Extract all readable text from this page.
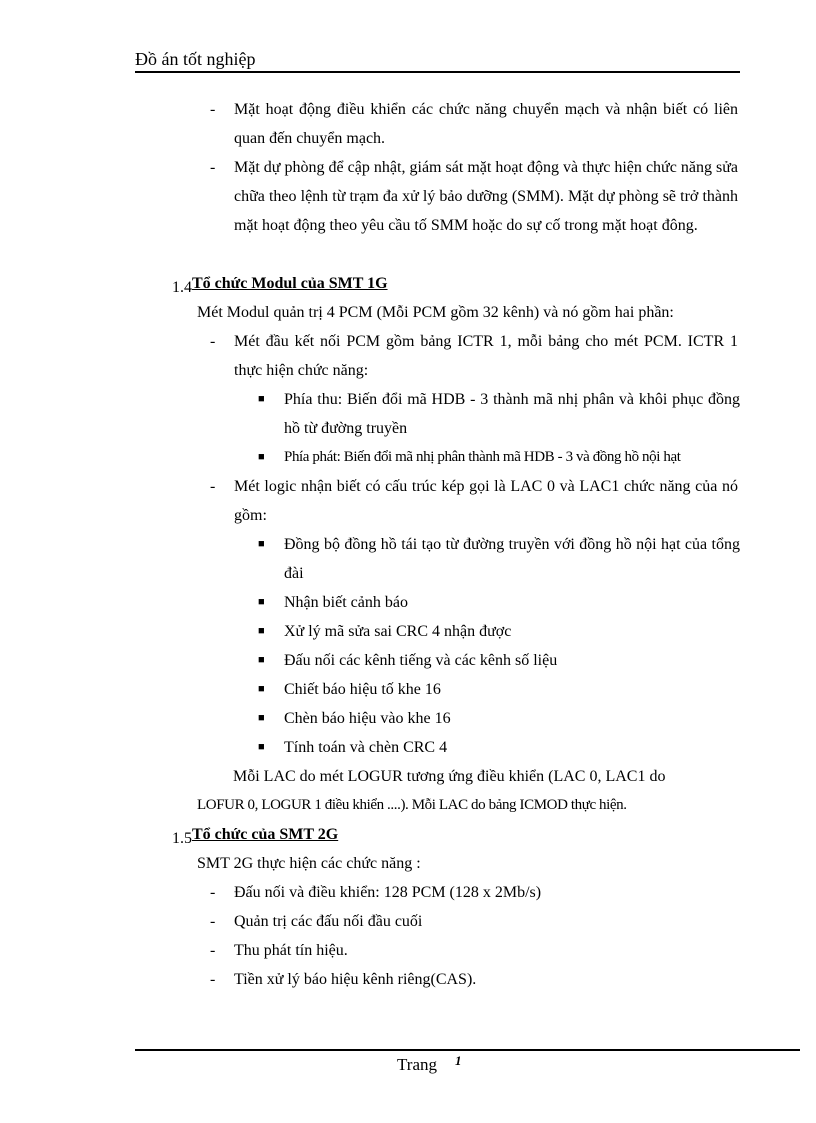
Đồ án tốt nghiệp
- Mặt hoạt động điều khiển các chức năng chuyển mạch và nhận biết có liên quan đến chuyển mạch.
- Mặt dự phòng để cập nhật, giám sát mặt hoạt động và thực hiện chức năng sửa chữa theo lệnh từ trạm đa xử lý bảo dưỡng (SMM). Mặt dự phòng sẽ trở thành mặt hoạt động theo yêu cầu tố SMM hoặc do sự cố trong mặt hoạt đông.
1.4Tổ chức Modul của SMT 1G
Mét Modul quản trị 4 PCM (Mỗi PCM gồm 32 kênh) và nó gồm hai phần:
- Mét đầu kết nối PCM gồm bảng ICTR 1, mỗi bảng cho mét PCM. ICTR 1 thực hiện chức năng:
■ Phía thu: Biến đổi mã HDB - 3 thành mã nhị phân và khôi phục đồng hồ từ đường truyền
■ Phía phát: Biến đổi mã nhị phân thành mã HDB - 3 và đồng hồ nội hạt
- Mét logic nhận biết có cấu trúc kép gọi là LAC 0 và LAC1 chức năng của nó gồm:
■ Đồng bộ đồng hồ tái tạo từ đường truyền với đồng hồ nội hạt của tổng đài
■ Nhận biết cảnh báo
■ Xử lý mã sửa sai CRC 4 nhận được
■ Đấu nối các kênh tiếng và các kênh số liệu
■ Chiết báo hiệu tố khe 16
■ Chèn báo hiệu vào khe 16
■ Tính toán và chèn CRC 4
Mỗi LAC do mét LOGUR tương ứng điều khiển (LAC 0, LAC1 do
LOFUR 0, LOGUR 1 điều khiển ....). Mỗi LAC do bảng ICMOD thực hiện.
1.5Tổ chức của SMT 2G
SMT 2G thực hiện các chức năng :
- Đấu nối và điều khiển: 128 PCM (128 x 2Mb/s)
- Quản trị các đấu nối đầu cuối
- Thu phát tín hiệu.
- Tiền xử lý báo hiệu kênh riêng(CAS).
Trang 1
